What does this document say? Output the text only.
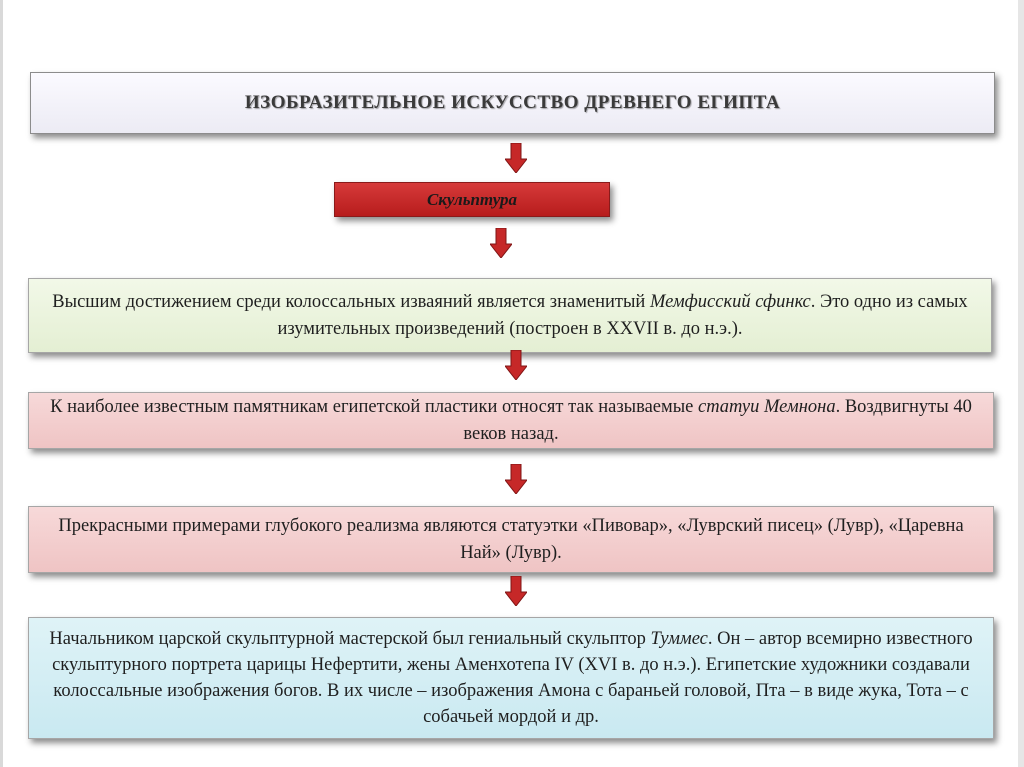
ИЗОБРАЗИТЕЛЬНОЕ ИСКУССТВО ДРЕВНЕГО ЕГИПТА
Скульптура
Высшим достижением среди колоссальных изваяний является знаменитый Мемфисский сфинкс. Это одно из самых изумительных произведений (построен в XXVII в. до н.э.).
К наиболее известным памятникам египетской пластики относят так называемые статуи Мемнона. Воздвигнуты 40 веков назад.
Прекрасными примерами глубокого реализма являются статуэтки «Пивовар», «Луврский писец» (Лувр), «Царевна Най» (Лувр).
Начальником царской скульптурной мастерской был гениальный скульптор Туммес. Он – автор всемирно известного скульптурного портрета царицы Нефертити, жены Аменхотепа IV (XVI в. до н.э.). Египетские художники создавали колоссальные изображения богов. В их числе – изображения Амона с бараньей головой, Пта – в виде жука, Тота – с собачьей мордой и др.
